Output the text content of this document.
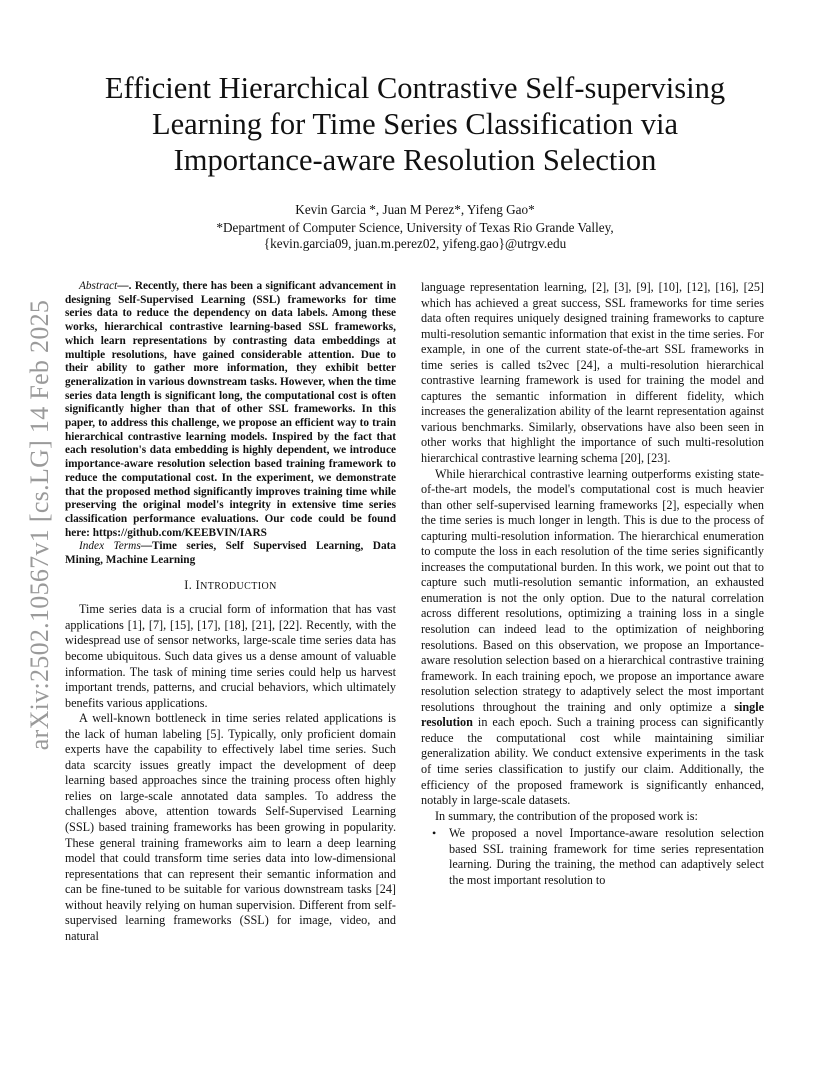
arXiv:2502.10567v1 [cs.LG] 14 Feb 2025
Efficient Hierarchical Contrastive Self-supervising
Learning for Time Series Classification via
Importance-aware Resolution Selection
Kevin Garcia *, Juan M Perez*, Yifeng Gao*
*Department of Computer Science, University of Texas Rio Grande Valley,
{kevin.garcia09, juan.m.perez02, yifeng.gao}@utrgv.edu

Abstract—. Recently, there has been a significant advancement in designing Self-Supervised Learning (SSL) frameworks for time series data to reduce the dependency on data labels. Among these works, hierarchical contrastive learning-based SSL frameworks, which learn representations by contrasting data embeddings at multiple resolutions, have gained considerable attention. Due to their ability to gather more information, they exhibit better generalization in various downstream tasks. However, when the time series data length is significant long, the computational cost is often significantly higher than that of other SSL frameworks. In this paper, to address this challenge, we propose an efficient way to train hierarchical contrastive learning models. Inspired by the fact that each resolution's data embedding is highly dependent, we introduce importance-aware resolution selection based training framework to reduce the computational cost. In the experiment, we demonstrate that the proposed method significantly improves training time while preserving the original model's integrity in extensive time series classification performance evaluations. Our code could be found here: https://github.com/KEEBVIN/IARS

Index Terms—Time series, Self Supervised Learning, Data Mining, Machine Learning

I. INTRODUCTION

Time series data is a crucial form of information that has vast applications [1], [7], [15], [17], [18], [21], [22]. Recently, with the widespread use of sensor networks, large-scale time series data has become ubiquitous. Such data gives us a dense amount of valuable information. The task of mining time series could help us harvest important trends, patterns, and crucial behaviors, which ultimately benefits various applications.

A well-known bottleneck in time series related applications is the lack of human labeling [5]. Typically, only proficient domain experts have the capability to effectively label time series. Such data scarcity issues greatly impact the development of deep learning based approaches since the training process often highly relies on large-scale annotated data samples. To address the challenges above, attention towards Self-Supervised Learning (SSL) based training frameworks has been growing in popularity. These general training frameworks aim to learn a deep learning model that could transform time series data into low-dimensional representations that can represent their semantic information and can be fine-tuned to be suitable for various downstream tasks [24] without heavily relying on human supervision. Different from self-supervised learning frameworks (SSL) for image, video, and natural

language representation learning, [2], [3], [9], [10], [12], [16], [25] which has achieved a great success, SSL frameworks for time series data often requires uniquely designed training frameworks to capture multi-resolution semantic information that exist in the time series. For example, in one of the current state-of-the-art SSL frameworks in time series is called ts2vec [24], a multi-resolution hierarchical contrastive learning framework is used for training the model and captures the semantic information in different fidelity, which increases the generalization ability of the learnt representation against various benchmarks. Similarly, observations have also been seen in other works that highlight the importance of such multi-resolution hierarchical contrastive learning schema [20], [23].

While hierarchical contrastive learning outperforms existing state-of-the-art models, the model's computational cost is much heavier than other self-supervised learning frameworks [2], especially when the time series is much longer in length. This is due to the process of capturing multi-resolution information. The hierarchical enumeration to compute the loss in each resolution of the time series significantly increases the computational burden. In this work, we point out that to capture such mutli-resolution semantic information, an exhausted enumeration is not the only option. Due to the natural correlation across different resolutions, optimizing a training loss in a single resolution can indeed lead to the optimization of neighboring resolutions. Based on this observation, we propose an Importance-aware resolution selection based on a hierarchical contrastive training framework. In each training epoch, we propose an importance aware resolution selection strategy to adaptively select the most important resolutions throughout the training and only optimize a single resolution in each epoch. Such a training process can significantly reduce the computational cost while maintaining similiar generalization ability. We conduct extensive experiments in the task of time series classification to justify our claim. Additionally, the efficiency of the proposed framework is significantly enhanced, notably in large-scale datasets.

In summary, the contribution of the proposed work is:

• We proposed a novel Importance-aware resolution selection based SSL training framework for time series representation learning. During the training, the method can adaptively select the most important resolution to
